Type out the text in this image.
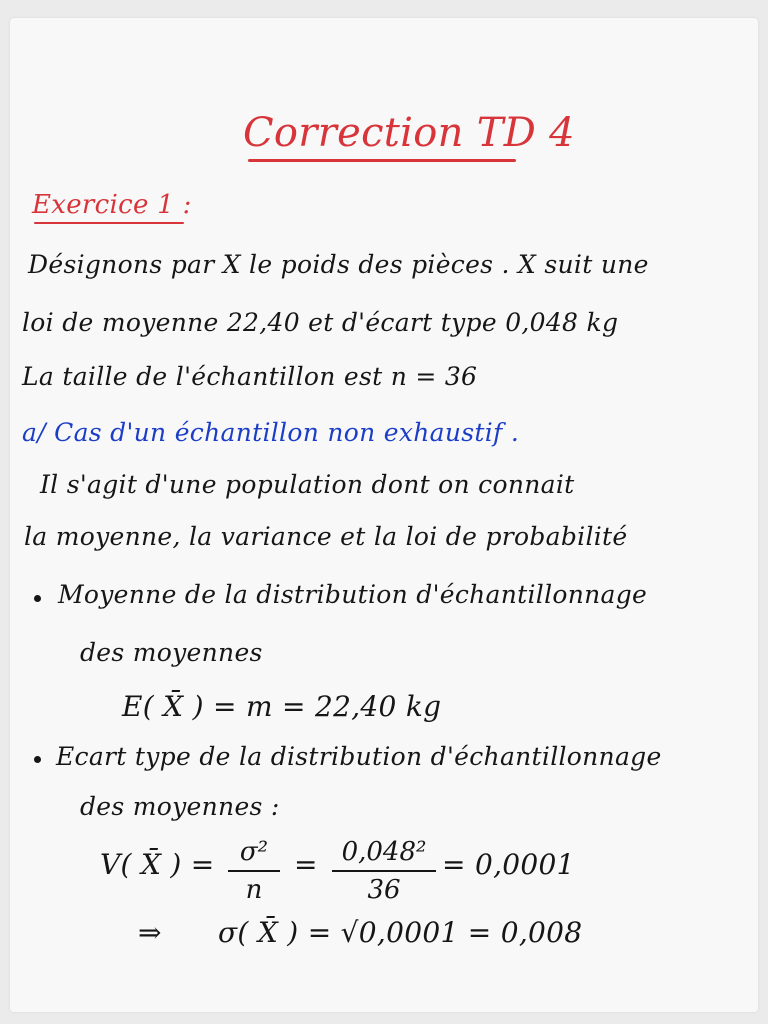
Correction TD 4
Exercice 1 :
Désignons par X le poids des pièces . X suit une
loi de moyenne 22,40 et d'écart type 0,048 kg
La taille de l'échantillon est n = 36
a/ Cas d'un échantillon non exhaustif .
Il s'agit d'une population dont on connait
la moyenne, la variance et la loi de probabilité
Moyenne de la distribution d'échantillonnage
des moyennes
E( X̄ ) = m = 22,40 kg
Ecart type de la distribution d'échantillonnage
des moyennes :
V( X̄ ) = σ²
n
= 0,048²
36
= 0,0001
⇒ σ( X̄ ) = √0,0001 = 0,008
